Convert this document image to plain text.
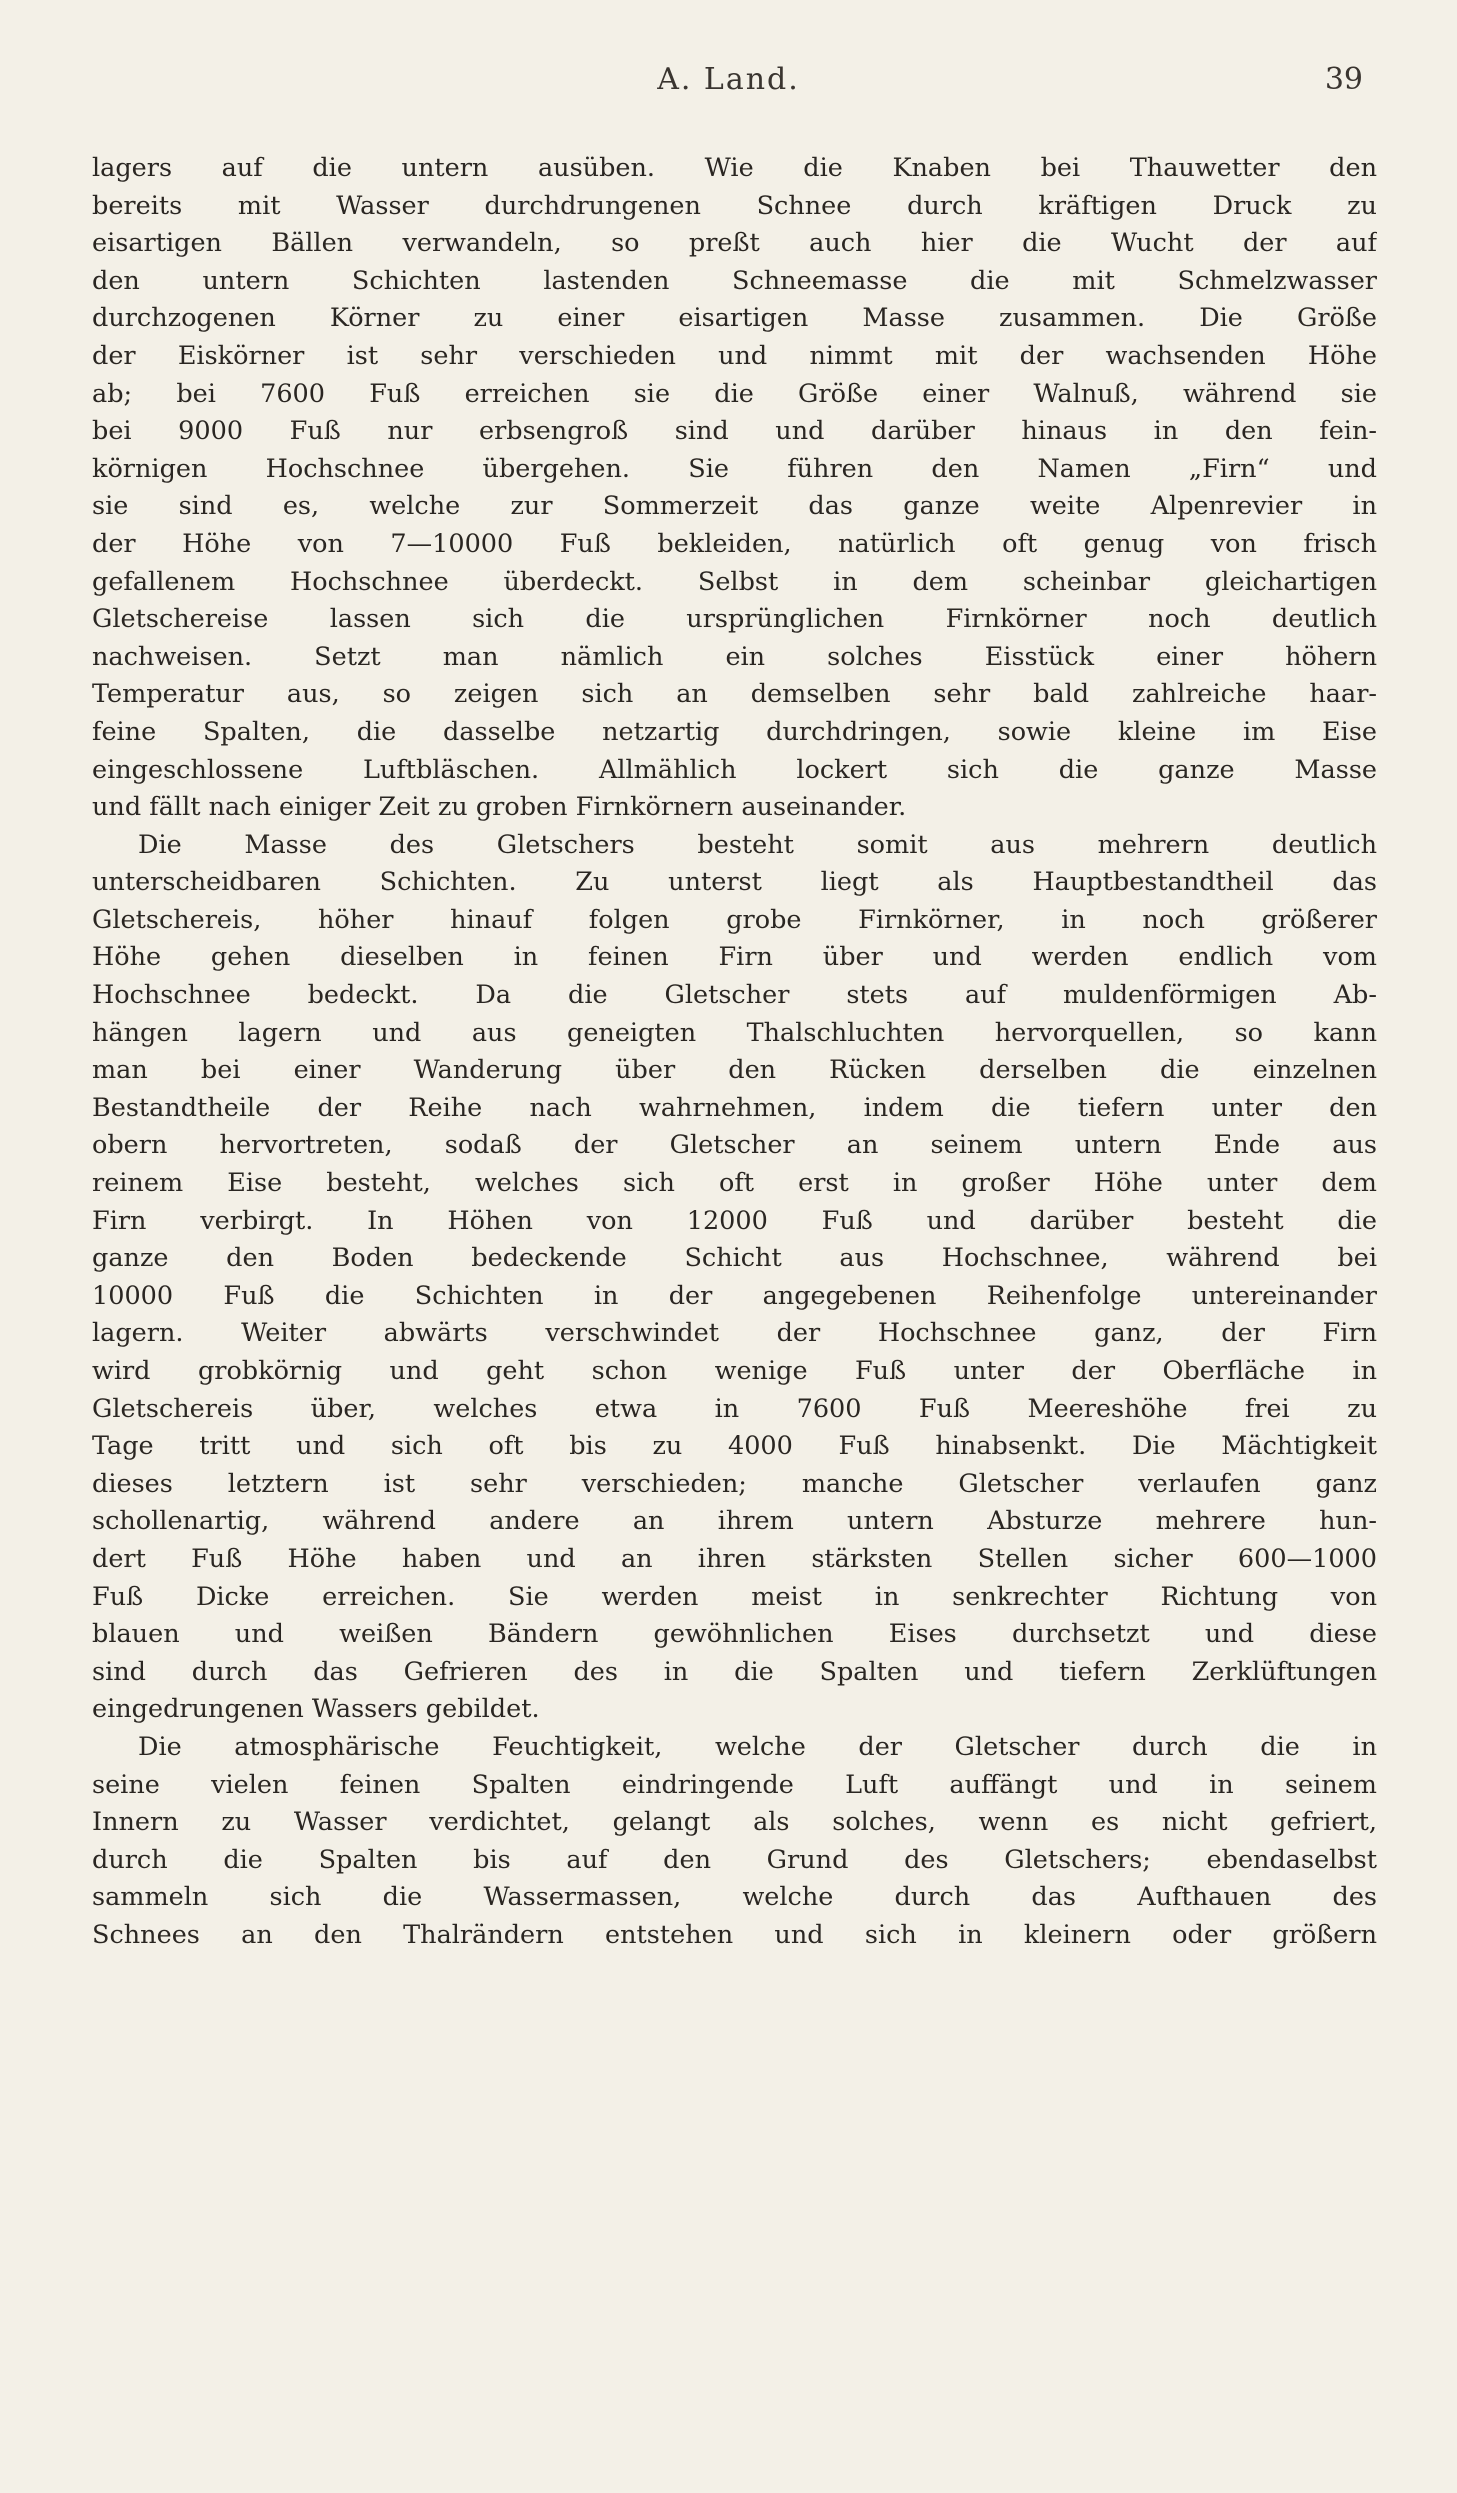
A. Land.	39
lagers auf die untern ausüben. Wie die Knaben bei Thauwetter den
bereits mit Wasser durchdrungenen Schnee durch kräftigen Druck zu
eisartigen Bällen verwandeln, so preßt auch hier die Wucht der auf
den untern Schichten lastenden Schneemasse die mit Schmelzwasser
durchzogenen Körner zu einer eisartigen Masse zusammen. Die Größe
der Eiskörner ist sehr verschieden und nimmt mit der wachsenden Höhe
ab; bei 7600 Fuß erreichen sie die Größe einer Walnuß, während sie
bei 9000 Fuß nur erbsengroß sind und darüber hinaus in den fein-
körnigen Hochschnee übergehen. Sie führen den Namen „Firn“ und
sie sind es, welche zur Sommerzeit das ganze weite Alpenrevier in
der Höhe von 7—10000 Fuß bekleiden, natürlich oft genug von frisch
gefallenem Hochschnee überdeckt. Selbst in dem scheinbar gleichartigen
Gletschereise lassen sich die ursprünglichen Firnkörner noch deutlich
nachweisen. Setzt man nämlich ein solches Eisstück einer höhern
Temperatur aus, so zeigen sich an demselben sehr bald zahlreiche haar-
feine Spalten, die dasselbe netzartig durchdringen, sowie kleine im Eise
eingeschlossene Luftbläschen. Allmählich lockert sich die ganze Masse
und fällt nach einiger Zeit zu groben Firnkörnern auseinander.
Die Masse des Gletschers besteht somit aus mehrern deutlich
unterscheidbaren Schichten. Zu unterst liegt als Hauptbestandtheil das
Gletschereis, höher hinauf folgen grobe Firnkörner, in noch größerer
Höhe gehen dieselben in feinen Firn über und werden endlich vom
Hochschnee bedeckt. Da die Gletscher stets auf muldenförmigen Ab-
hängen lagern und aus geneigten Thalschluchten hervorquellen, so kann
man bei einer Wanderung über den Rücken derselben die einzelnen
Bestandtheile der Reihe nach wahrnehmen, indem die tiefern unter den
obern hervortreten, sodaß der Gletscher an seinem untern Ende aus
reinem Eise besteht, welches sich oft erst in großer Höhe unter dem
Firn verbirgt. In Höhen von 12000 Fuß und darüber besteht die
ganze den Boden bedeckende Schicht aus Hochschnee, während bei
10000 Fuß die Schichten in der angegebenen Reihenfolge untereinander
lagern. Weiter abwärts verschwindet der Hochschnee ganz, der Firn
wird grobkörnig und geht schon wenige Fuß unter der Oberfläche in
Gletschereis über, welches etwa in 7600 Fuß Meereshöhe frei zu
Tage tritt und sich oft bis zu 4000 Fuß hinabsenkt. Die Mächtigkeit
dieses letztern ist sehr verschieden; manche Gletscher verlaufen ganz
schollenartig, während andere an ihrem untern Absturze mehrere hun-
dert Fuß Höhe haben und an ihren stärksten Stellen sicher 600—1000
Fuß Dicke erreichen. Sie werden meist in senkrechter Richtung von
blauen und weißen Bändern gewöhnlichen Eises durchsetzt und diese
sind durch das Gefrieren des in die Spalten und tiefern Zerklüftungen
eingedrungenen Wassers gebildet.
Die atmosphärische Feuchtigkeit, welche der Gletscher durch die in
seine vielen feinen Spalten eindringende Luft auffängt und in seinem
Innern zu Wasser verdichtet, gelangt als solches, wenn es nicht gefriert,
durch die Spalten bis auf den Grund des Gletschers; ebendaselbst
sammeln sich die Wassermassen, welche durch das Aufthauen des
Schnees an den Thalrändern entstehen und sich in kleinern oder größern
